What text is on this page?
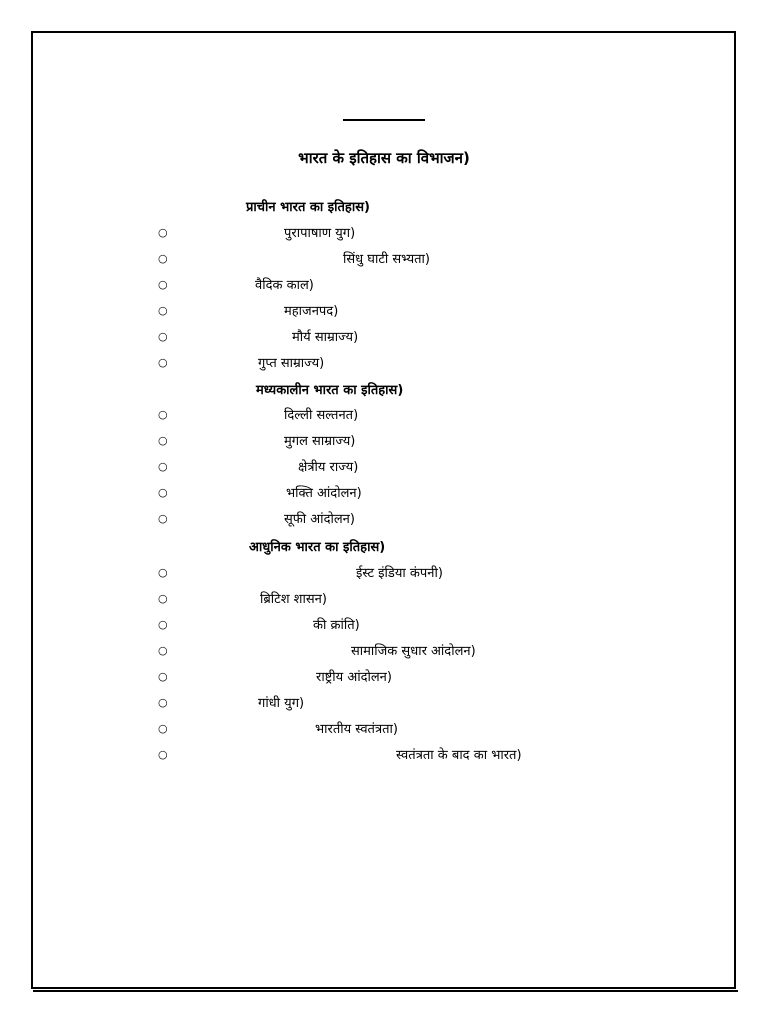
भारत के इतिहास का विभाजन)
प्राचीन भारत का इतिहास)
○	पुरापाषाण युग)
○	सिंधु घाटी सभ्यता)
○	वैदिक काल)
○	महाजनपद)
○	मौर्य साम्राज्य)
○	गुप्त साम्राज्य)
मध्यकालीन भारत का इतिहास)
○	दिल्ली सल्तनत)
○	मुगल साम्राज्य)
○	क्षेत्रीय राज्य)
○	भक्ति आंदोलन)
○	सूफी आंदोलन)
आधुनिक भारत का इतिहास)
○	ईस्ट इंडिया कंपनी)
○	ब्रिटिश शासन)
○	की क्रांति)
○	सामाजिक सुधार आंदोलन)
○	राष्ट्रीय आंदोलन)
○	गांधी युग)
○	भारतीय स्वतंत्रता)
○	स्वतंत्रता के बाद का भारत)
